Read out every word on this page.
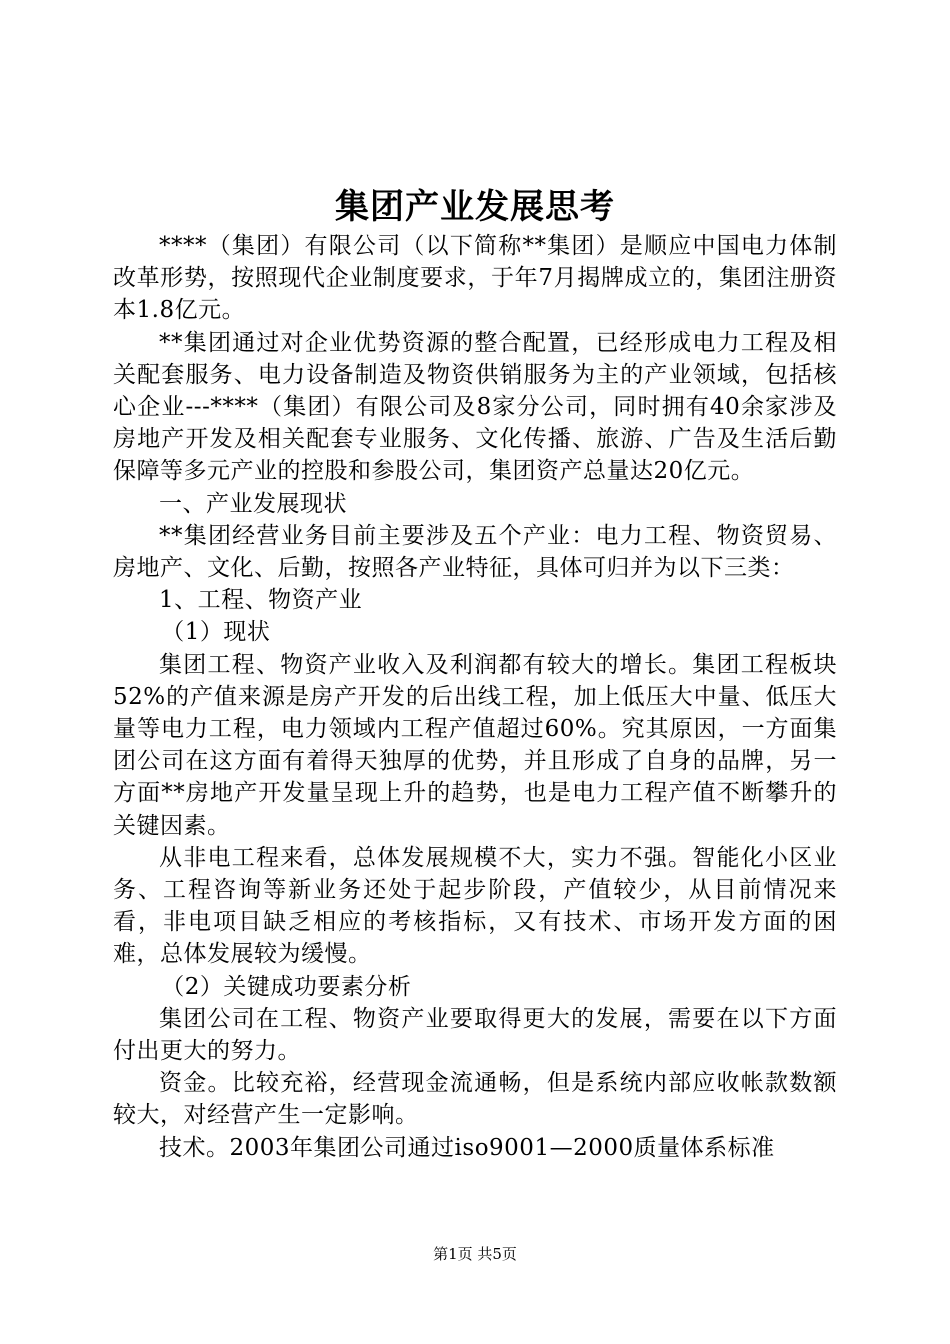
集团产业发展思考

****（集团）有限公司（以下简称**集团）是顺应中国电力体制改革形势，按照现代企业制度要求，于年7月揭牌成立的，集团注册资本1.8亿元。

**集团通过对企业优势资源的整合配置，已经形成电力工程及相关配套服务、电力设备制造及物资供销服务为主的产业领域，包括核心企业---****（集团）有限公司及8家分公司，同时拥有40余家涉及房地产开发及相关配套专业服务、文化传播、旅游、广告及生活后勤保障等多元产业的控股和参股公司，集团资产总量达20亿元。

一、产业发展现状

**集团经营业务目前主要涉及五个产业：电力工程、物资贸易、房地产、文化、后勤，按照各产业特征，具体可归并为以下三类：

1、工程、物资产业

（1）现状

集团工程、物资产业收入及利润都有较大的增长。集团工程板块52%的产值来源是房产开发的后出线工程，加上低压大中量、低压大量等电力工程，电力领域内工程产值超过60%。究其原因，一方面集团公司在这方面有着得天独厚的优势，并且形成了自身的品牌，另一方面**房地产开发量呈现上升的趋势，也是电力工程产值不断攀升的关键因素。

从非电工程来看，总体发展规模不大，实力不强。智能化小区业务、工程咨询等新业务还处于起步阶段，产值较少，从目前情况来看，非电项目缺乏相应的考核指标，又有技术、市场开发方面的困难，总体发展较为缓慢。

（2）关键成功要素分析

集团公司在工程、物资产业要取得更大的发展，需要在以下方面付出更大的努力。

资金。比较充裕，经营现金流通畅，但是系统内部应收帐款数额较大，对经营产生一定影响。

技术。2003年集团公司通过iso9001—2000质量体系标准

第1页 共5页
